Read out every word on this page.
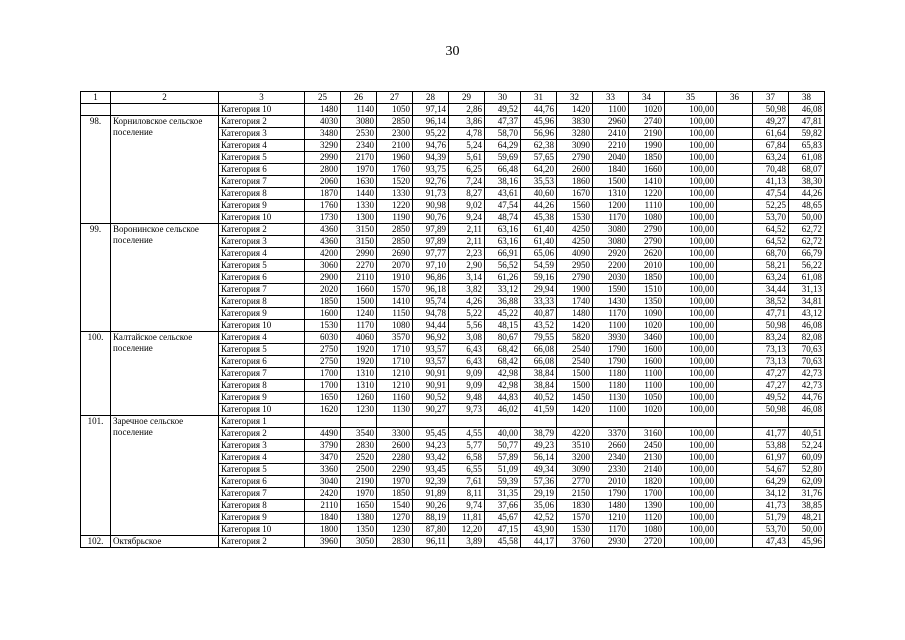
30
1	2	3	25	26	27	28	29	30	31	32	33	34	35	36	37	38
		Категория 10	1480	1140	1050	97,14	2,86	49,52	44,76	1420	1100	1020	100,00		50,98	46,08
98.	Корниловское сельское поселение	Категория 2	4030	3080	2850	96,14	3,86	47,37	45,96	3830	2960	2740	100,00		49,27	47,81
		Категория 3	3480	2530	2300	95,22	4,78	58,70	56,96	3280	2410	2190	100,00		61,64	59,82
		Категория 4	3290	2340	2100	94,76	5,24	64,29	62,38	3090	2210	1990	100,00		67,84	65,83
		Категория 5	2990	2170	1960	94,39	5,61	59,69	57,65	2790	2040	1850	100,00		63,24	61,08
		Категория 6	2800	1970	1760	93,75	6,25	66,48	64,20	2600	1840	1660	100,00		70,48	68,07
		Категория 7	2060	1630	1520	92,76	7,24	38,16	35,53	1860	1500	1410	100,00		41,13	38,30
		Категория 8	1870	1440	1330	91,73	8,27	43,61	40,60	1670	1310	1220	100,00		47,54	44,26
		Категория 9	1760	1330	1220	90,98	9,02	47,54	44,26	1560	1200	1110	100,00		52,25	48,65
		Категория 10	1730	1300	1190	90,76	9,24	48,74	45,38	1530	1170	1080	100,00		53,70	50,00
99.	Воронинское сельское поселение	Категория 2	4360	3150	2850	97,89	2,11	63,16	61,40	4250	3080	2790	100,00		64,52	62,72
		Категория 3	4360	3150	2850	97,89	2,11	63,16	61,40	4250	3080	2790	100,00		64,52	62,72
		Категория 4	4200	2990	2690	97,77	2,23	66,91	65,06	4090	2920	2620	100,00		68,70	66,79
		Категория 5	3060	2270	2070	97,10	2,90	56,52	54,59	2950	2200	2010	100,00		58,21	56,22
		Категория 6	2900	2110	1910	96,86	3,14	61,26	59,16	2790	2030	1850	100,00		63,24	61,08
		Категория 7	2020	1660	1570	96,18	3,82	33,12	29,94	1900	1590	1510	100,00		34,44	31,13
		Категория 8	1850	1500	1410	95,74	4,26	36,88	33,33	1740	1430	1350	100,00		38,52	34,81
		Категория 9	1600	1240	1150	94,78	5,22	45,22	40,87	1480	1170	1090	100,00		47,71	43,12
		Категория 10	1530	1170	1080	94,44	5,56	48,15	43,52	1420	1100	1020	100,00		50,98	46,08
100.	Калтайское сельское поселение	Категория 4	6030	4060	3570	96,92	3,08	80,67	79,55	5820	3930	3460	100,00		83,24	82,08
		Категория 5	2750	1920	1710	93,57	6,43	68,42	66,08	2540	1790	1600	100,00		73,13	70,63
		Категория 6	2750	1920	1710	93,57	6,43	68,42	66,08	2540	1790	1600	100,00		73,13	70,63
		Категория 7	1700	1310	1210	90,91	9,09	42,98	38,84	1500	1180	1100	100,00		47,27	42,73
		Категория 8	1700	1310	1210	90,91	9,09	42,98	38,84	1500	1180	1100	100,00		47,27	42,73
		Категория 9	1650	1260	1160	90,52	9,48	44,83	40,52	1450	1130	1050	100,00		49,52	44,76
		Категория 10	1620	1230	1130	90,27	9,73	46,02	41,59	1420	1100	1020	100,00		50,98	46,08
101.	Заречное сельское поселение	Категория 1														
		Категория 2	4490	3540	3300	95,45	4,55	40,00	38,79	4220	3370	3160	100,00		41,77	40,51
		Категория 3	3790	2830	2600	94,23	5,77	50,77	49,23	3510	2660	2450	100,00		53,88	52,24
		Категория 4	3470	2520	2280	93,42	6,58	57,89	56,14	3200	2340	2130	100,00		61,97	60,09
		Категория 5	3360	2500	2290	93,45	6,55	51,09	49,34	3090	2330	2140	100,00		54,67	52,80
		Категория 6	3040	2190	1970	92,39	7,61	59,39	57,36	2770	2010	1820	100,00		64,29	62,09
		Категория 7	2420	1970	1850	91,89	8,11	31,35	29,19	2150	1790	1700	100,00		34,12	31,76
		Категория 8	2110	1650	1540	90,26	9,74	37,66	35,06	1830	1480	1390	100,00		41,73	38,85
		Категория 9	1840	1380	1270	88,19	11,81	45,67	42,52	1570	1210	1120	100,00		51,79	48,21
		Категория 10	1800	1350	1230	87,80	12,20	47,15	43,90	1530	1170	1080	100,00		53,70	50,00
102.	Октябрьское	Категория 2	3960	3050	2830	96,11	3,89	45,58	44,17	3760	2930	2720	100,00		47,43	45,96
